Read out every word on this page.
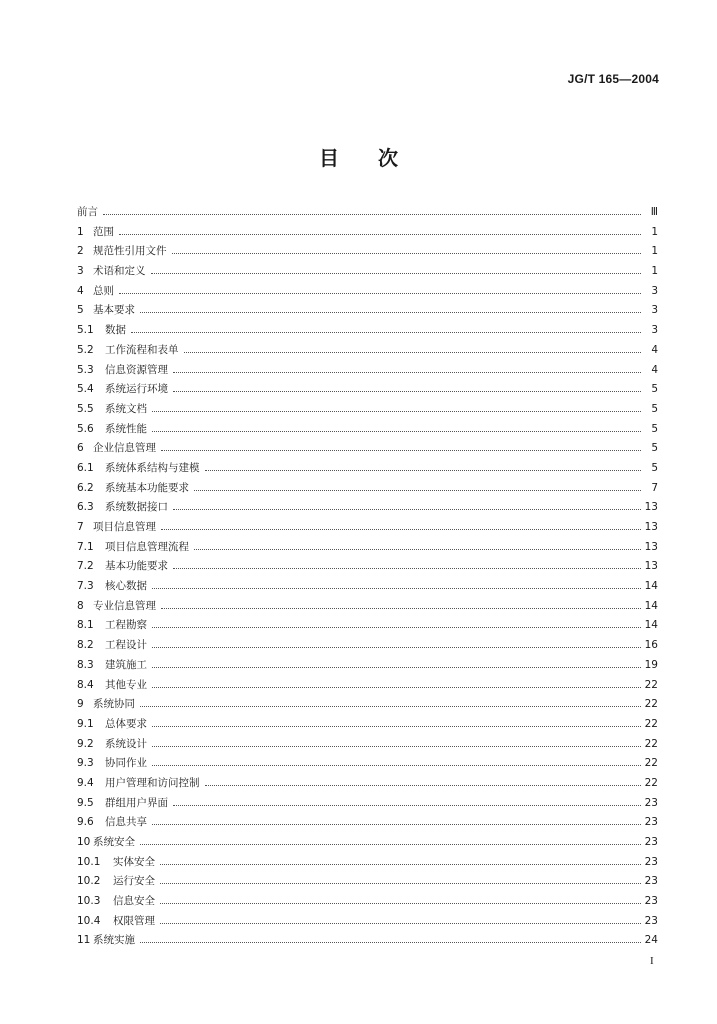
JG/T 165—2004
目 次
前言	Ⅲ
1 范围	1
2 规范性引用文件	1
3 术语和定义	1
4 总则	3
5 基本要求	3
5.1	数据	3
5.2	工作流程和表单	4
5.3	信息资源管理	4
5.4	系统运行环境	5
5.5	系统文档	5
5.6	系统性能	5
6 企业信息管理	5
6.1	系统体系结构与建模	5
6.2	系统基本功能要求	7
6.3	系统数据接口	13
7 项目信息管理	13
7.1	项目信息管理流程	13
7.2	基本功能要求	13
7.3	核心数据	14
8 专业信息管理	14
8.1	工程勘察	14
8.2	工程设计	16
8.3	建筑施工	19
8.4	其他专业	22
9 系统协同	22
9.1	总体要求	22
9.2	系统设计	22
9.3	协同作业	22
9.4	用户管理和访问控制	22
9.5	群组用户界面	23
9.6	信息共享	23
10 系统安全	23
10.1	实体安全	23
10.2	运行安全	23
10.3	信息安全	23
10.4	权限管理	23
11 系统实施	24
I
